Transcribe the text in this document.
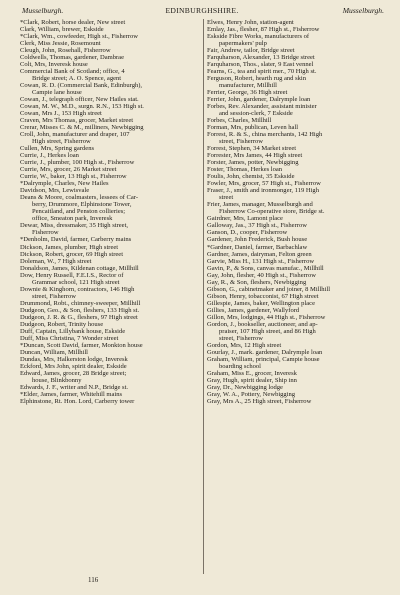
Musselburgh.	EDINBURGHSHIRE.	Musselburgh.
*Clark, Robert, horse dealer, New street
Clark, William, brewer, Eskside
*Clark, Wm., cowfeeder, High st., Fisherrow
Clerk, Miss Jessie, Rosemount
Cleugh, John, Rosehall, Fisherrow
Coldwells, Thomas, gardener, Dambrae
Colt, Mrs, Inveresk house
Commercial Bank of Scotland; office, 4
Bridge street; A. O. Spence, agent
Cowan, R. D. (Commercial Bank, Edinburgh),
Campie lane house
Cowan, J., telegraph officer, New Hailes stat.
Cowan, M. W., M.D., surgn. R.N., 153 High st.
Cowan, Mrs J., 153 High street
Craven, Mrs Thomas, grocer, Market street
Crerar, Misses C. & M., milliners, Newbigging
Croll, John, manufacturer and draper, 107
High street, Fisherrow
Cullen, Mrs, Spring gardens
Currie, J., Herkes loan
Currie, J., plumber, 100 High st., Fisherrow
Currie, Mrs, grocer, 26 Market street
Currie, W., baker, 13 High st., Fisherrow
*Dalrymple, Charles, New Hailes
Davidson, Mrs, Lewisvale
Deans & Moore, coalmasters, lessees of Car-
berry, Drummore, Elphinstone Tower,
Pencaitland, and Penston collieries;
office, Smeaton park, Inveresk
Dewar, Miss, dressmaker, 35 High street,
Fisherrow
*Denholm, David, farmer, Carberry mains
Dickson, James, plumber, High street
Dickson, Robert, grocer, 69 High street
Doleman, W., 7 High street
Donaldson, James, Kildenan cottage, Millhill
Dow, Henry Russell, F.E.I.S., Rector of
Grammar school, 121 High street
Downie & Kinghorn, contractors, 146 High
street, Fisherrow
Drummond, Robt., chimney-sweeper, Millhill
Dudgeon, Geo., & Son, fleshers, 133 High st.
Dudgeon, J. R. & G., fleshers, 97 High street
Dudgeon, Robert, Trinity house
Duff, Captain, Lillybank house, Eskside
Duff, Miss Christina, 7 Wonder street
*Duncan, Scott David, farmer, Monkton house
Duncan, William, Millhill
Dundas, Mrs, Halkerston lodge, Inveresk
Eckford, Mrs John, spirit dealer, Eskside
Edward, James, grocer, 28 Bridge street;
house, Blinkbonny
Edwards, J. F., writer and N.P., Bridge st.
*Elder, James, farmer, Whitehill mains
Elphinstone, Rt. Hon. Lord, Carberry tower
Elwes, Henry John, station-agent
Emlay, Jas., flesher, 87 High st., Fisherrow
Eskside Fibre Works, manufacturers of
papermakers' pulp
Fair, Andrew, tailor, Bridge street
Farquharson, Alexander, 13 Bridge street
Farquharson, Thos., slater, 9 East vennel
Fearns, G., tea and spirit mer., 70 High st.
Ferguson, Robert, hearth rug and skin
manufacturer, Millhill
Ferrier, George, 36 High street
Ferrier, John, gardener, Dalrymple loan
Forbes, Rev. Alexander, assistant minister
and session-clerk, 7 Eskside
Forbes, Charles, Millhill
Forman, Mrs, publican, Leven hall
Forrest, R. & S., china merchants, 142 High
street, Fisherrow
Forrest, Stephen, 34 Market street
Forrester, Mrs James, 44 High street
Forster, James, potter, Newbigging
Foster, Thomas, Herkes loan
Foulis, John, chemist, 35 Eskside
Fowler, Mrs, grocer, 57 High st., Fisherrow
Fraser, J., smith and ironmonger, 119 High
street
Frier, James, manager, Musselburgh and
Fisherrow Co-operative store, Bridge st.
Gairdner, Mrs, Lamont place
Galloway, Jas., 37 High st., Fisherrow
Ganson, D., cooper, Fisherrow
Gardener, John Frederick, Bush house
*Gardner, Daniel, farmer, Barbachlaw
Gardner, James, dairyman, Felton green
Garvie, Miss H., 131 High st., Fisherrow
Gavin, P., & Sons, canvas manufac., Millhill
Gay, John, flesher, 40 High st., Fisherrow
Gay, R., & Son, fleshers, Newbigging
Gibson, G., cabinetmaker and joiner, 8 Millhill
Gibson, Henry, tobacconist, 67 High street
Gillespie, James, baker, Wellington place
Gillies, James, gardener, Wallyford
Gillon, Mrs, lodgings, 44 High st., Fisherrow
Gordon, J., bookseller, auctioneer, and ap-
praiser, 107 High street, and 86 High
street, Fisherrow
Gordon, Mrs, 12 High street
Gourlay, J., mark. gardener, Dalrymple loan
Graham, William, principal, Campie house
boarding school
Graham, Miss E., grocer, Inveresk
Gray, Hugh, spirit dealer, Ship inn
Gray, Dr., Newbigging lodge
Gray, W. A., Pottery, Newbigging
Gray, Mrs A., 25 High street, Fisherrow
116
